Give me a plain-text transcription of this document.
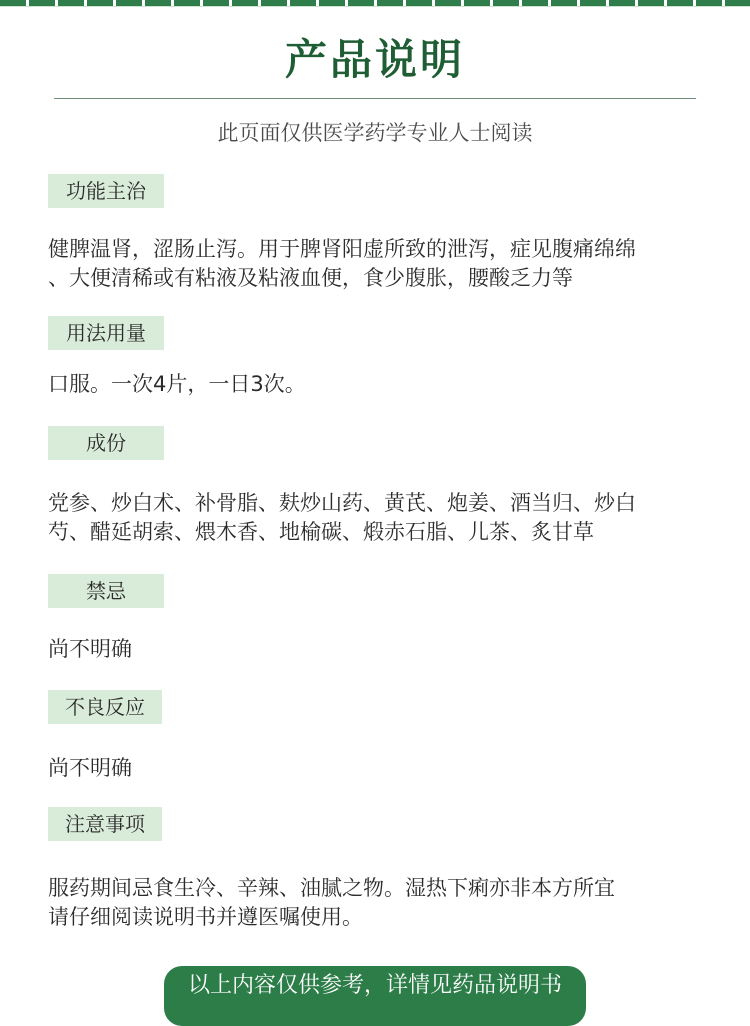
产品说明
此页面仅供医学药学专业人士阅读
功能主治
健脾温肾，涩肠止泻。用于脾肾阳虚所致的泄泻，症见腹痛绵绵
、大便清稀或有粘液及粘液血便，食少腹胀，腰酸乏力等
用法用量
口服。一次4片，一日3次。
成份
党参、炒白术、补骨脂、麸炒山药、黄芪、炮姜、酒当归、炒白
芍、醋延胡索、煨木香、地榆碳、煅赤石脂、儿茶、炙甘草
禁忌
尚不明确
不良反应
尚不明确
注意事项
服药期间忌食生冷、辛辣、油腻之物。湿热下痢亦非本方所宜
请仔细阅读说明书并遵医嘱使用。
以上内容仅供参考，详情见药品说明书
